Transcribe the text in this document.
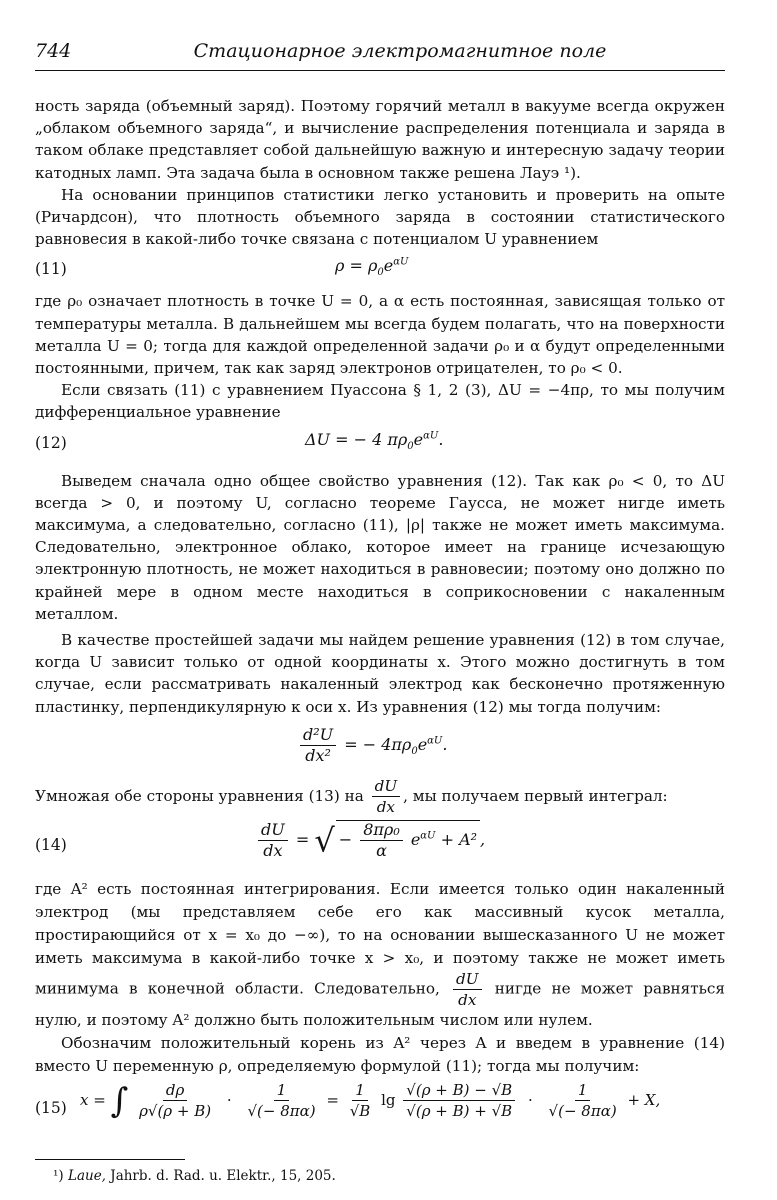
744	Стационарное электромагнитное поле

ность заряда (объемный заряд). Поэтому горячий металл в вакууме всегда окружен „облаком объемного заряда“, и вычисление распределения потенциала и заряда в таком облаке представляет собой дальнейшую важную и интересную задачу теории катодных ламп. Эта задача была в основном также решена Лауэ ¹).

На основании принципов статистики легко установить и проверить на опыте (Ричардсон), что плотность объемного заряда в состоянии статистического равновесия в какой-либо точке связана с потенциалом U уравнением

(11)	$\rho = \rho_0e^{\alpha U}$

где ρ₀ означает плотность в точке U = 0, а α есть постоянная, зависящая только от температуры металла. В дальнейшем мы всегда будем полагать, что на поверхности металла U = 0; тогда для каждой определенной задачи ρ₀ и α будут определенными постоянными, причем, так как заряд электронов отрицателен, то ρ₀ < 0.

Если связать (11) с уравнением Пуассона § 1, 2 (3), ΔU = −4πρ, то мы получим дифференциальное уравнение

(12)	ΔU = − 4 $\pi\rho_0e^{\alpha U}$.

Выведем сначала одно общее свойство уравнения (12). Так как ρ₀ < 0, то ΔU всегда > 0, и поэтому U, согласно теореме Гаусса, не может нигде иметь максимума, а следовательно, согласно (11), |ρ| также не может иметь максимума. Следовательно, электронное облако, которое имеет на границе исчезающую электронную плотность, не может находиться в равновесии; поэтому оно должно по крайней мере в одном месте находиться в соприкосновении с накаленным металлом.

В качестве простейшей задачи мы найдем решение уравнения (12) в том случае, когда U зависит только от одной координаты x. Этого можно достигнуть в том случае, если рассматривать накаленный электрод как бесконечно протяженную пластинку, перпендикулярную к оси x. Из уравнения (12) мы тогда получим:

$\frac{\text{d²U}}{\text{dx²}}$ = − $4\pi\rho_0e^{\alpha U}$.

Умножая обе стороны уравнения (13) на $\frac{dU}{dx}$ , мы получаем первый интеграл:

(14)	$\frac{dU}{dx}$ = √ − $\frac{\text{8πρ₀}}{\alpha} e^{\alpha U} + A^2$ ,

где A² есть постоянная интегрирования. Если имеется только один накаленный электрод (мы представляем себе его как массивный кусок металла, простирающийся от x = x₀ до −∞), то на основании вышесказанного U не может иметь максимума в какой-либо точке x > x₀, и поэтому также не может иметь минимума в конечной области. Следовательно, $\frac{dU}{dx}$ нигде не может равняться нулю, и поэтому A² должно быть положительным числом или нулем.

Обозначим положительный корень из A² через A и введем в уравнение (14) вместо U переменную ρ, определяемую формулой (11); тогда мы получим:

(15) x = ∫ $\frac{d\rho}{\rho√(\rho + B)} \cdot \frac{1}{√(- 8\pi\alpha)} = \frac{1}{√B}$ $\lg \frac{√(\rho + B) - √B}{√(\rho + B) + √B} \cdot \frac{1}{√(- 8\pi\alpha)} + X$,
¹) Laue, Jahrb. d. Rad. u. Elektr., 15, 205.
